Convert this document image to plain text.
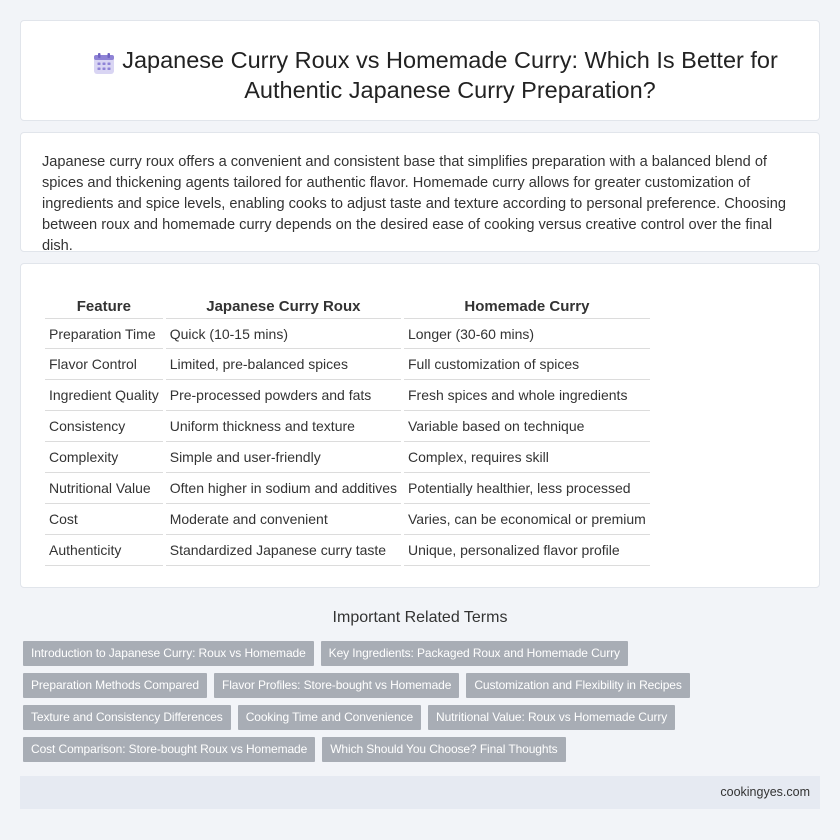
Japanese Curry Roux vs Homemade Curry: Which Is Better for Authentic Japanese Curry Preparation?

Japanese curry roux offers a convenient and consistent base that simplifies preparation with a balanced blend of spices and thickening agents tailored for authentic flavor. Homemade curry allows for greater customization of ingredients and spice levels, enabling cooks to adjust taste and texture according to personal preference. Choosing between roux and homemade curry depends on the desired ease of cooking versus creative control over the final dish.

Feature	Japanese Curry Roux	Homemade Curry
Preparation Time	Quick (10-15 mins)	Longer (30-60 mins)
Flavor Control	Limited, pre-balanced spices	Full customization of spices
Ingredient Quality	Pre-processed powders and fats	Fresh spices and whole ingredients
Consistency	Uniform thickness and texture	Variable based on technique
Complexity	Simple and user-friendly	Complex, requires skill
Nutritional Value	Often higher in sodium and additives	Potentially healthier, less processed
Cost	Moderate and convenient	Varies, can be economical or premium
Authenticity	Standardized Japanese curry taste	Unique, personalized flavor profile
Important Related Terms
Introduction to Japanese Curry: Roux vs Homemade	Key Ingredients: Packaged Roux and Homemade Curry
Preparation Methods Compared	Flavor Profiles: Store-bought vs Homemade	Customization and Flexibility in Recipes
Texture and Consistency Differences	Cooking Time and Convenience	Nutritional Value: Roux vs Homemade Curry
Cost Comparison: Store-bought Roux vs Homemade	Which Should You Choose? Final Thoughts
cookingyes.com
